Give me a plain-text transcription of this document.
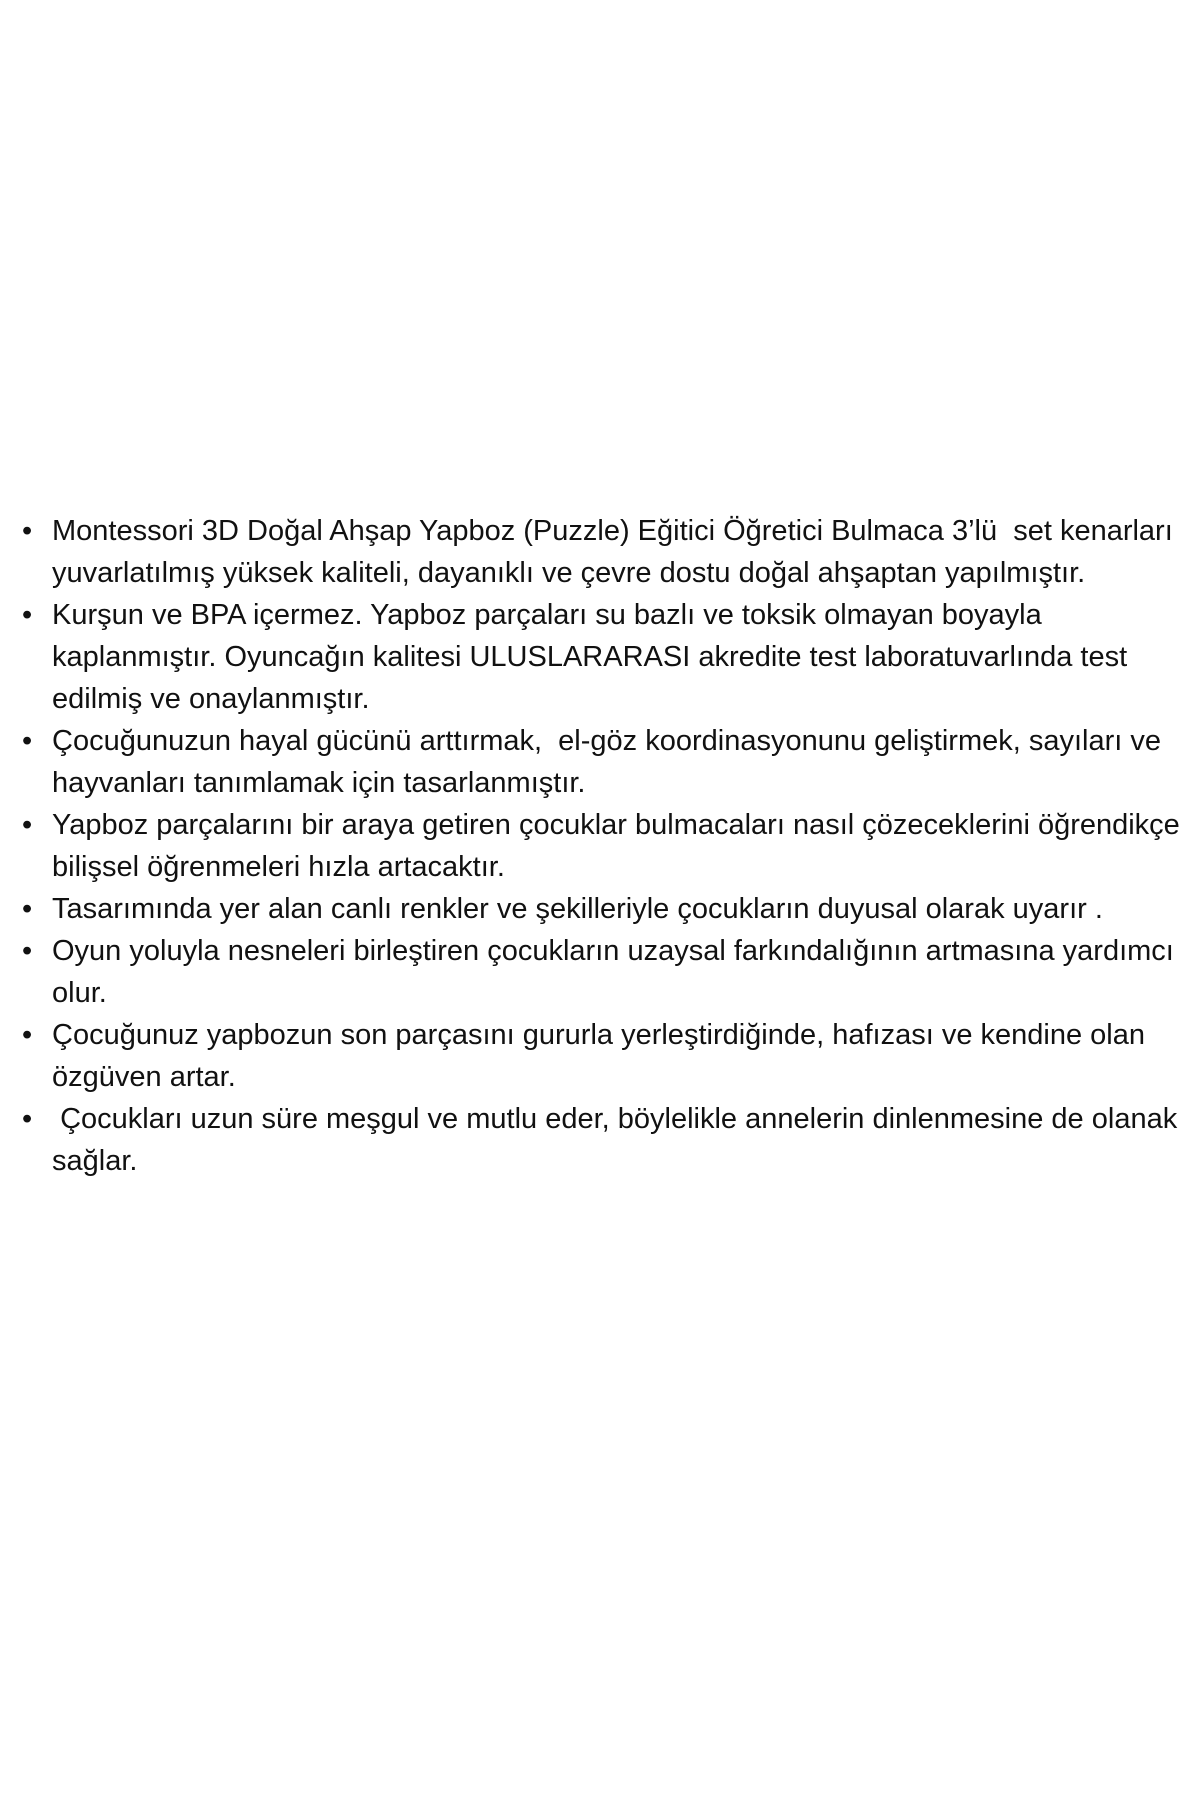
• Montessori 3D Doğal Ahşap Yapboz (Puzzle) Eğitici Öğretici Bulmaca 3’lü  set kenarları yuvarlatılmış yüksek kaliteli, dayanıklı ve çevre dostu doğal ahşaptan yapılmıştır.
• Kurşun ve BPA içermez. Yapboz parçaları su bazlı ve toksik olmayan boyayla kaplanmıştır. Oyuncağın kalitesi ULUSLARARASI akredite test laboratuvarlında test edilmiş ve onaylanmıştır.
• Çocuğunuzun hayal gücünü arttırmak,  el-göz koordinasyonunu geliştirmek, sayıları ve hayvanları tanımlamak için tasarlanmıştır.
• Yapboz parçalarını bir araya getiren çocuklar bulmacaları nasıl çözeceklerini öğrendikçe bilişsel öğrenmeleri hızla artacaktır.
• Tasarımında yer alan canlı renkler ve şekilleriyle çocukların duyusal olarak uyarır .
• Oyun yoluyla nesneleri birleştiren çocukların uzaysal farkındalığının artmasına yardımcı olur.
• Çocuğunuz yapbozun son parçasını gururla yerleştirdiğinde, hafızası ve kendine olan özgüven artar.
• Çocukları uzun süre meşgul ve mutlu eder, böylelikle annelerin dinlenmesine de olanak sağlar.
